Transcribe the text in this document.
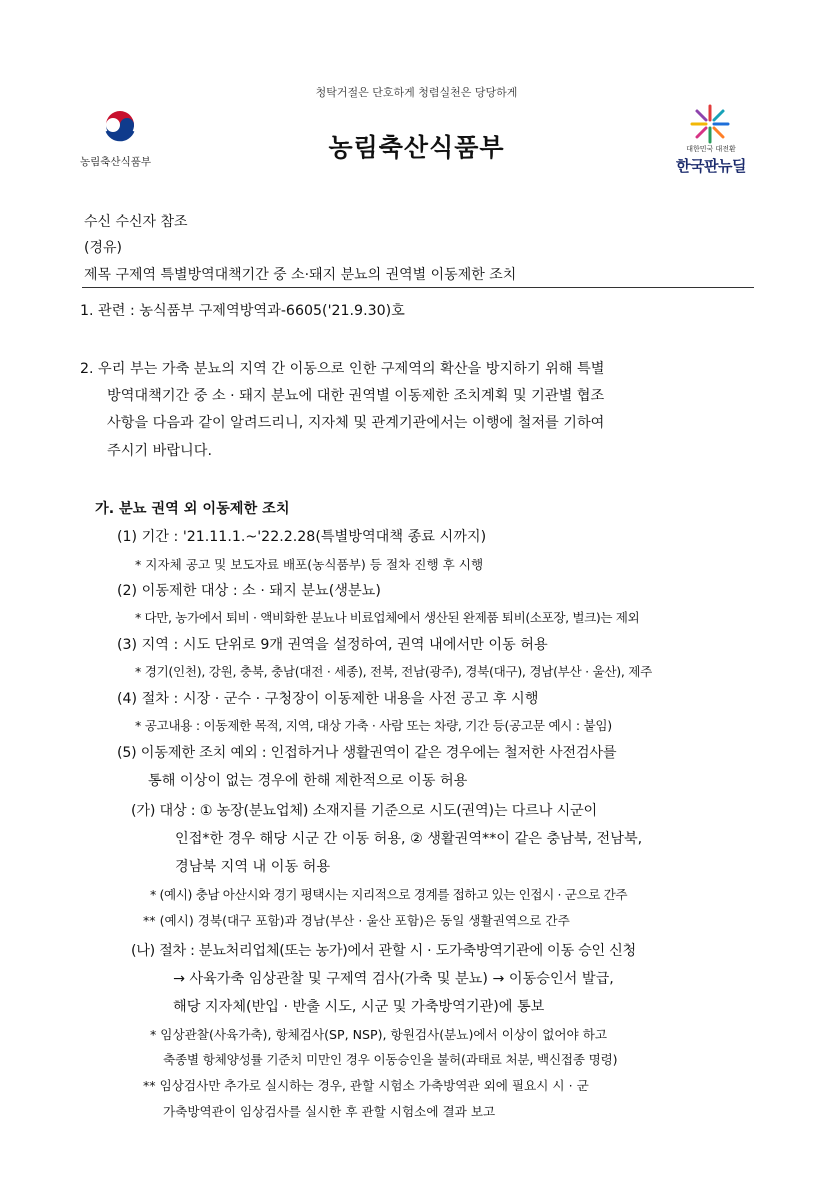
청탁거절은 단호하게 청렴실천은 당당하게
농림축산식품부	농림축산식품부	대한민국 대전환
한국판뉴딜
수신 수신자 참조
(경유)
제목 구제역 특별방역대책기간 중 소·돼지 분뇨의 권역별 이동제한 조치
1. 관련 : 농식품부 구제역방역과-6605('21.9.30)호
2. 우리 부는 가축 분뇨의 지역 간 이동으로 인한 구제역의 확산을 방지하기 위해 특별
방역대책기간 중 소 · 돼지 분뇨에 대한 권역별 이동제한 조치계획 및 기관별 협조
사항을 다음과 같이 알려드리니, 지자체 및 관계기관에서는 이행에 철저를 기하여
주시기 바랍니다.
가. 분뇨 권역 외 이동제한 조치
(1) 기간 : '21.11.1.~'22.2.28(특별방역대책 종료 시까지)
* 지자체 공고 및 보도자료 배포(농식품부) 등 절차 진행 후 시행
(2) 이동제한 대상 : 소 · 돼지 분뇨(생분뇨)
* 다만, 농가에서 퇴비 · 액비화한 분뇨나 비료업체에서 생산된 완제품 퇴비(소포장, 벌크)는 제외
(3) 지역 : 시도 단위로 9개 권역을 설정하여, 권역 내에서만 이동 허용
* 경기(인천), 강원, 충북, 충남(대전 · 세종), 전북, 전남(광주), 경북(대구), 경남(부산 · 울산), 제주
(4) 절차 : 시장 · 군수 · 구청장이 이동제한 내용을 사전 공고 후 시행
* 공고내용 : 이동제한 목적, 지역, 대상 가축 · 사람 또는 차량, 기간 등(공고문 예시 : 붙임)
(5) 이동제한 조치 예외 : 인접하거나 생활권역이 같은 경우에는 철저한 사전검사를
통해 이상이 없는 경우에 한해 제한적으로 이동 허용
(가) 대상 : ① 농장(분뇨업체) 소재지를 기준으로 시도(권역)는 다르나 시군이
인접*한 경우 해당 시군 간 이동 허용, ② 생활권역**이 같은 충남북, 전남북,
경남북 지역 내 이동 허용
* (예시) 충남 아산시와 경기 평택시는 지리적으로 경계를 접하고 있는 인접시 · 군으로 간주
** (예시) 경북(대구 포함)과 경남(부산 · 울산 포함)은 동일 생활권역으로 간주
(나) 절차 : 분뇨처리업체(또는 농가)에서 관할 시 · 도가축방역기관에 이동 승인 신청
→ 사육가축 임상관찰 및 구제역 검사(가축 및 분뇨) → 이동승인서 발급,
해당 지자체(반입 · 반출 시도, 시군 및 가축방역기관)에 통보
* 임상관찰(사육가축), 항체검사(SP, NSP), 항원검사(분뇨)에서 이상이 없어야 하고
축종별 항체양성률 기준치 미만인 경우 이동승인을 불허(과태료 처분, 백신접종 명령)
** 임상검사만 추가로 실시하는 경우, 관할 시험소 가축방역관 외에 필요시 시 · 군
가축방역관이 임상검사를 실시한 후 관할 시험소에 결과 보고
